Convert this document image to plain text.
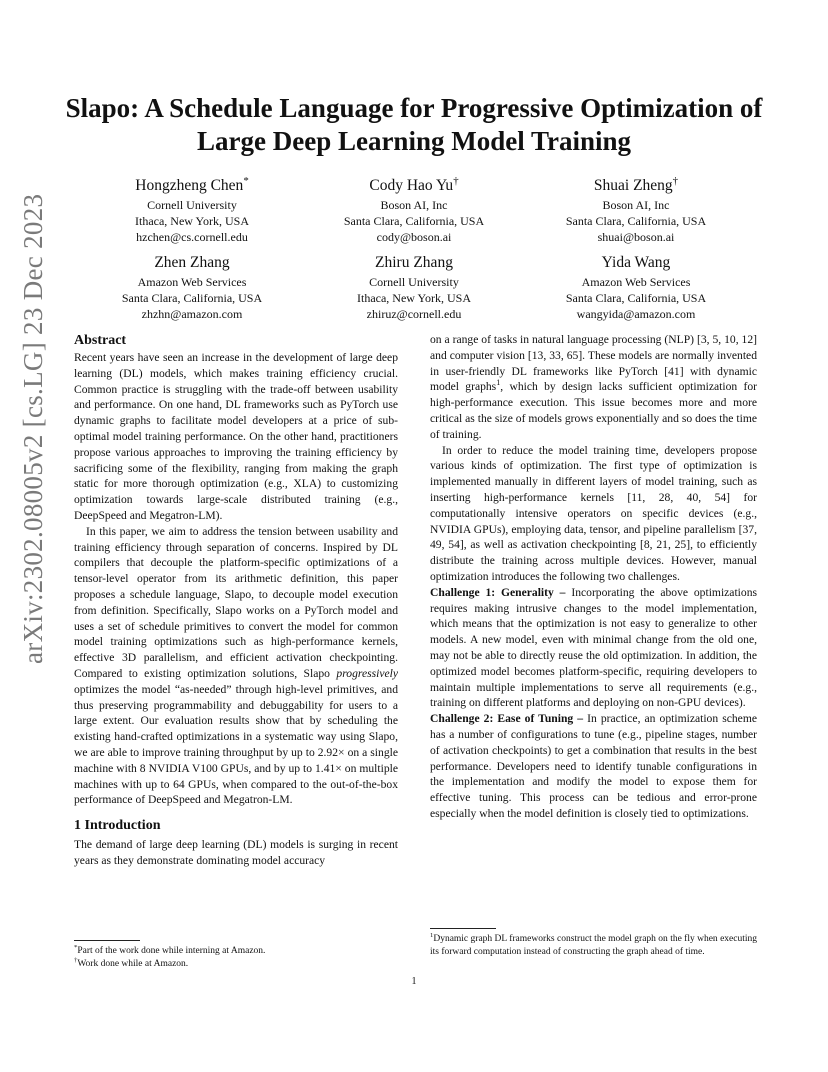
arXiv:2302.08005v2 [cs.LG] 23 Dec 2023
Slapo: A Schedule Language for Progressive Optimization of Large Deep Learning Model Training
Hongzheng Chen*
Cornell University
Ithaca, New York, USA
hzchen@cs.cornell.edu
Cody Hao Yu†
Boson AI, Inc
Santa Clara, California, USA
cody@boson.ai
Shuai Zheng†
Boson AI, Inc
Santa Clara, California, USA
shuai@boson.ai
Zhen Zhang
Amazon Web Services
Santa Clara, California, USA
zhzhn@amazon.com
Zhiru Zhang
Cornell University
Ithaca, New York, USA
zhiruz@cornell.edu
Yida Wang
Amazon Web Services
Santa Clara, California, USA
wangyida@amazon.com
Abstract

Recent years have seen an increase in the development of large deep learning (DL) models, which makes training efficiency crucial. Common practice is struggling with the trade-off between usability and performance. On one hand, DL frameworks such as PyTorch use dynamic graphs to facilitate model developers at a price of sub-optimal model training performance. On the other hand, practitioners propose various approaches to improving the training efficiency by sacrificing some of the flexibility, ranging from making the graph static for more thorough optimization (e.g., XLA) to customizing optimization towards large-scale distributed training (e.g., DeepSpeed and Megatron-LM).

In this paper, we aim to address the tension between usability and training efficiency through separation of concerns. Inspired by DL compilers that decouple the platform-specific optimizations of a tensor-level operator from its arithmetic definition, this paper proposes a schedule language, Slapo, to decouple model execution from definition. Specifically, Slapo works on a PyTorch model and uses a set of schedule primitives to convert the model for common model training optimizations such as high-performance kernels, effective 3D parallelism, and efficient activation checkpointing. Compared to existing optimization solutions, Slapo progressively optimizes the model “as-needed” through high-level primitives, and thus preserving programmability and debuggability for users to a large extent. Our evaluation results show that by scheduling the existing hand-crafted optimizations in a systematic way using Slapo, we are able to improve training throughput by up to 2.92× on a single machine with 8 NVIDIA V100 GPUs, and by up to 1.41× on multiple machines with up to 64 GPUs, when compared to the out-of-the-box performance of DeepSpeed and Megatron-LM.

1 Introduction

The demand of large deep learning (DL) models is surging in recent years as they demonstrate dominating model accuracy

*Part of the work done while interning at Amazon.
†Work done while at Amazon.

on a range of tasks in natural language processing (NLP) [3, 5, 10, 12] and computer vision [13, 33, 65]. These models are normally invented in user-friendly DL frameworks like PyTorch [41] with dynamic model graphs$^1$, which by design lacks sufficient optimization for high-performance execution. This issue becomes more and more critical as the size of models grows exponentially and so does the time of training.

In order to reduce the model training time, developers propose various kinds of optimization. The first type of optimization is implemented manually in different layers of model training, such as inserting high-performance kernels [11, 28, 40, 54] for computationally intensive operators on specific devices (e.g., NVIDIA GPUs), employing data, tensor, and pipeline parallelism [37, 49, 54], as well as activation checkpointing [8, 21, 25], to efficiently distribute the training across multiple devices. However, manual optimization introduces the following two challenges.

Challenge 1: Generality – Incorporating the above optimizations requires making intrusive changes to the model implementation, which means that the optimization is not easy to generalize to other models. A new model, even with minimal change from the old one, may not be able to directly reuse the old optimization. In addition, the optimized model becomes platform-specific, requiring developers to maintain multiple implementations to serve all requirements (e.g., training on different platforms and deploying on non-GPU devices).

Challenge 2: Ease of Tuning – In practice, an optimization scheme has a number of configurations to tune (e.g., pipeline stages, number of activation checkpoints) to get a combination that results in the best performance. Developers need to identify tunable configurations in the implementation and modify the model to expose them for effective tuning. This process can be tedious and error-prone especially when the model definition is closely tied to optimizations.

$^1$Dynamic graph DL frameworks construct the model graph on the fly when executing its forward computation instead of constructing the graph ahead of time.
1
